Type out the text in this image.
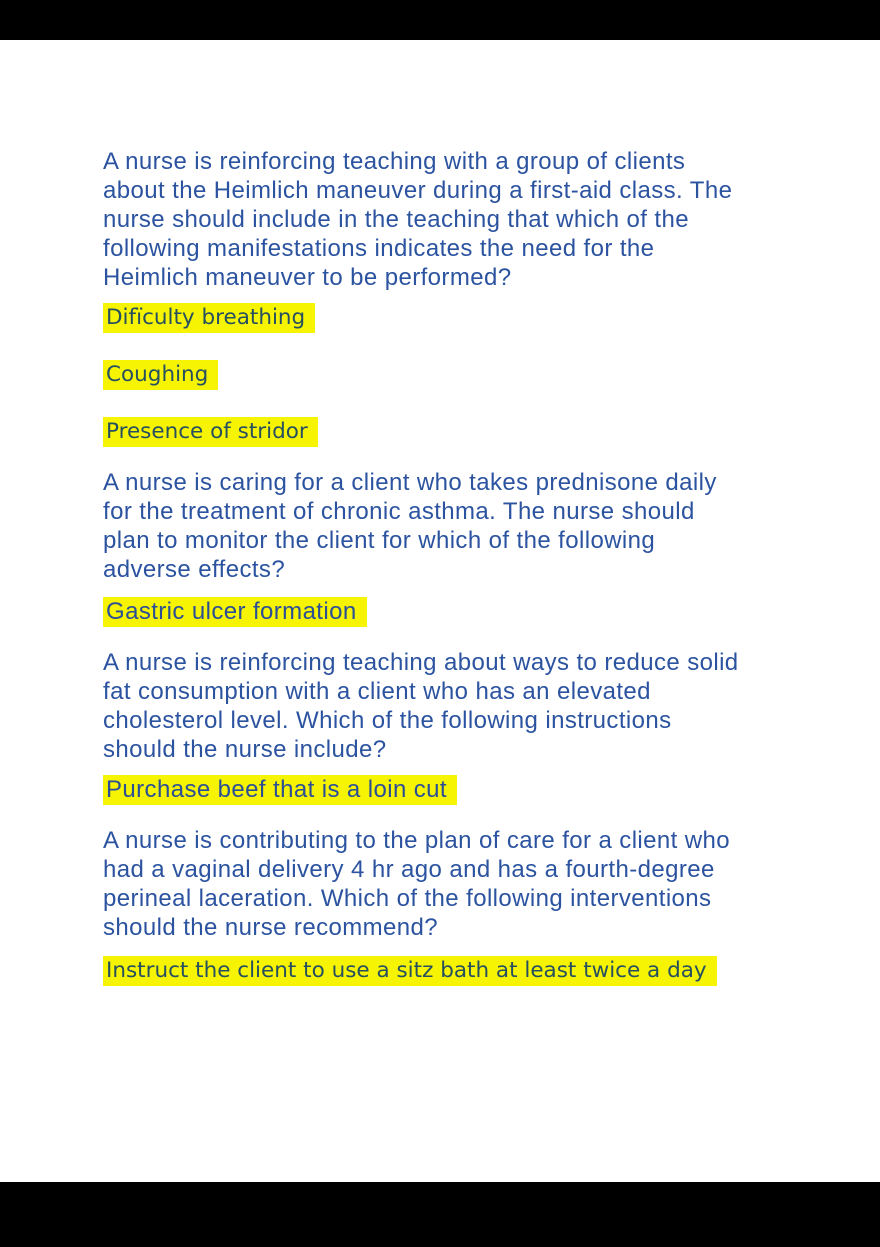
A nurse is reinforcing teaching with a group of clients
about the Heimlich maneuver during a first-aid class. The
nurse should include in the teaching that which of the
following manifestations indicates the need for the
Heimlich maneuver to be performed?
Difïculty breathing
Coughing
Presence of stridor
A nurse is caring for a client who takes prednisone daily
for the treatment of chronic asthma. The nurse should
plan to monitor the client for which of the following
adverse effects?
Gastric ulcer formation
A nurse is reinforcing teaching about ways to reduce solid
fat consumption with a client who has an elevated
cholesterol level. Which of the following instructions
should the nurse include?
Purchase beef that is a loin cut
A nurse is contributing to the plan of care for a client who
had a vaginal delivery 4 hr ago and has a fourth-degree
perineal laceration. Which of the following interventions
should the nurse recommend?
Instruct the client to use a sitz bath at least twice a day
